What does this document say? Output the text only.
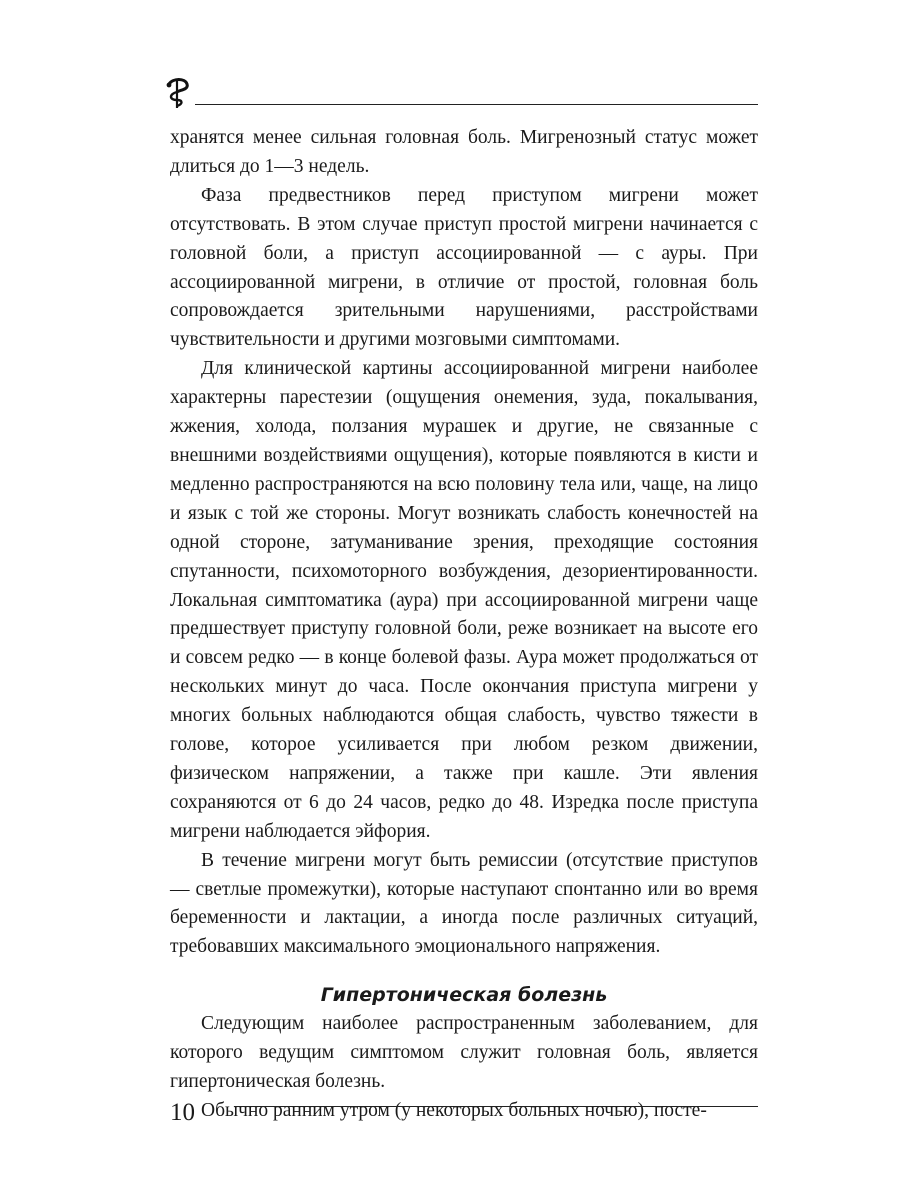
хранятся менее сильная головная боль. Мигренозный статус может длиться до 1—3 недель.

Фаза предвестников перед приступом мигрени может отсутствовать. В этом случае приступ простой мигрени начинается с головной боли, а приступ ассоциированной — с ауры. При ассоциированной мигрени, в отличие от простой, головная боль сопровождается зрительными нарушениями, расстройствами чувствительности и другими мозговыми симптомами.

Для клинической картины ассоциированной мигрени наиболее характерны парестезии (ощущения онемения, зуда, покалывания, жжения, холода, ползания мурашек и другие, не связанные с внешними воздействиями ощущения), которые появляются в кисти и медленно распространяются на всю половину тела или, чаще, на лицо и язык с той же стороны. Могут возникать слабость конечностей на одной стороне, затуманивание зрения, преходящие состояния спутанности, психомоторного возбуждения, дезориентированности. Локальная симптоматика (аура) при ассоциированной мигрени чаще предшествует приступу головной боли, реже возникает на высоте его и совсем редко — в конце болевой фазы. Аура может продолжаться от нескольких минут до часа. После окончания приступа мигрени у многих больных наблюдаются общая слабость, чувство тяжести в голове, которое усиливается при любом резком движении, физическом напряжении, а также при кашле. Эти явления сохраняются от 6 до 24 часов, редко до 48. Изредка после приступа мигрени наблюдается эйфория.

В течение мигрени могут быть ремиссии (отсутствие приступов — светлые промежутки), которые наступают спонтанно или во время беременности и лактации, а иногда после различных ситуаций, требовавших максимального эмоционального напряжения.

Гипертоническая болезнь

Следующим наиболее распространенным заболеванием, для которого ведущим симптомом служит головная боль, является гипертоническая болезнь.

Обычно ранним утром (у некоторых больных ночью), посте-

10
